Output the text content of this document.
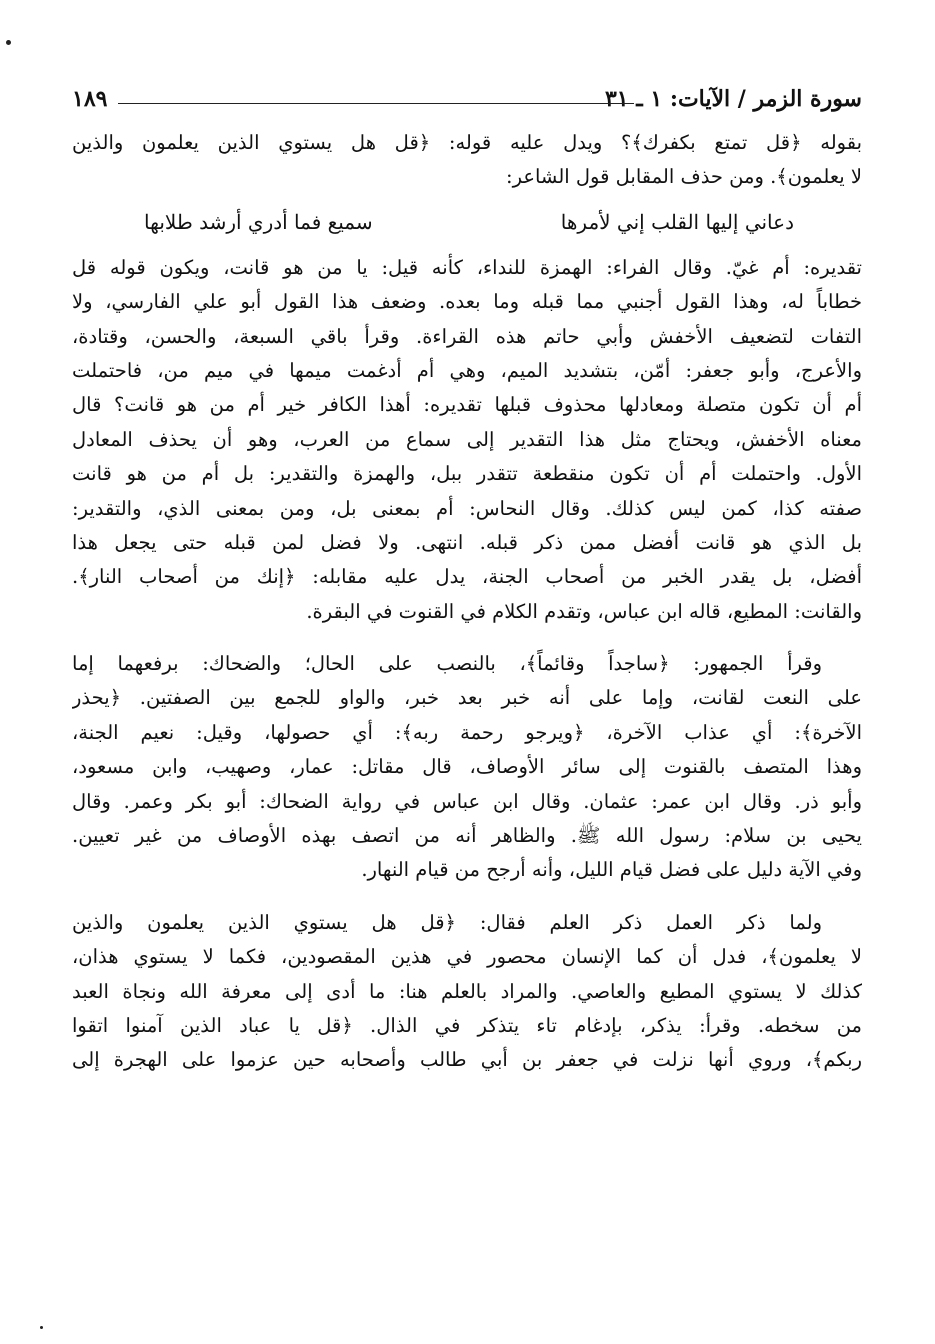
سورة الزمر / الآيات: ١ ـ ٣١
١٨٩
بقوله ﴿قل تمتع بكفرك﴾؟ ويدل عليه قوله: ﴿قل هل يستوي الذين يعلمون والذين
لا يعلمون﴾. ومن حذف المقابل قول الشاعر:
دعاني إليها القلب إني لأمرها
سميع فما أدري أرشد طلابها
تقديره: أم غيّ. وقال الفراء: الهمزة للنداء، كأنه قيل: يا من هو قانت، ويكون قوله قل
خطاباً له، وهذا القول أجنبي مما قبله وما بعده. وضعف هذا القول أبو علي الفارسي، ولا
التفات لتضعيف الأخفش وأبي حاتم هذه القراءة. وقرأ باقي السبعة، والحسن، وقتادة،
والأعرج، وأبو جعفر: أمّن، بتشديد الميم، وهي أم أدغمت ميمها في ميم من، فاحتملت
أم أن تكون متصلة ومعادلها محذوف قبلها تقديره: أهذا الكافر خير أم من هو قانت؟ قال
معناه الأخفش، ويحتاج مثل هذا التقدير إلى سماع من العرب، وهو أن يحذف المعادل
الأول. واحتملت أم أن تكون منقطعة تتقدر ببل، والهمزة والتقدير: بل أم من هو قانت
صفته كذا، كمن ليس كذلك. وقال النحاس: أم بمعنى بل، ومن بمعنى الذي، والتقدير:
بل الذي هو قانت أفضل ممن ذكر قبله. انتهى. ولا فضل لمن قبله حتى يجعل هذا
أفضل، بل يقدر الخبر من أصحاب الجنة، يدل عليه مقابله: ﴿إنك من أصحاب النار﴾.
والقانت: المطيع، قاله ابن عباس، وتقدم الكلام في القنوت في البقرة.
وقرأ الجمهور: ﴿ساجداً وقائماً﴾، بالنصب على الحال؛ والضحاك: برفعهما إما
على النعت لقانت، وإما على أنه خبر بعد خبر، والواو للجمع بين الصفتين. ﴿يحذر
الآخرة﴾: أي عذاب الآخرة، ﴿ويرجو رحمة ربه﴾: أي حصولها، وقيل: نعيم الجنة،
وهذا المتصف بالقنوت إلى سائر الأوصاف، قال مقاتل: عمار، وصهيب، وابن مسعود،
وأبو ذر. وقال ابن عمر: عثمان. وقال ابن عباس في رواية الضحاك: أبو بكر وعمر. وقال
يحيى بن سلام: رسول الله ﷺ. والظاهر أنه من اتصف بهذه الأوصاف من غير تعيين.
وفي الآية دليل على فضل قيام الليل، وأنه أرجح من قيام النهار.
ولما ذكر العمل ذكر العلم فقال: ﴿قل هل يستوي الذين يعلمون والذين
لا يعلمون﴾، فدل أن كما الإنسان محصور في هذين المقصودين، فكما لا يستوي هذان،
كذلك لا يستوي المطيع والعاصي. والمراد بالعلم هنا: ما أدى إلى معرفة الله ونجاة العبد
من سخطه. وقرأ: يذكر، بإدغام تاء يتذكر في الذال. ﴿قل يا عباد الذين آمنوا اتقوا
ربكم﴾، وروي أنها نزلت في جعفر بن أبي طالب وأصحابه حين عزموا على الهجرة إلى
